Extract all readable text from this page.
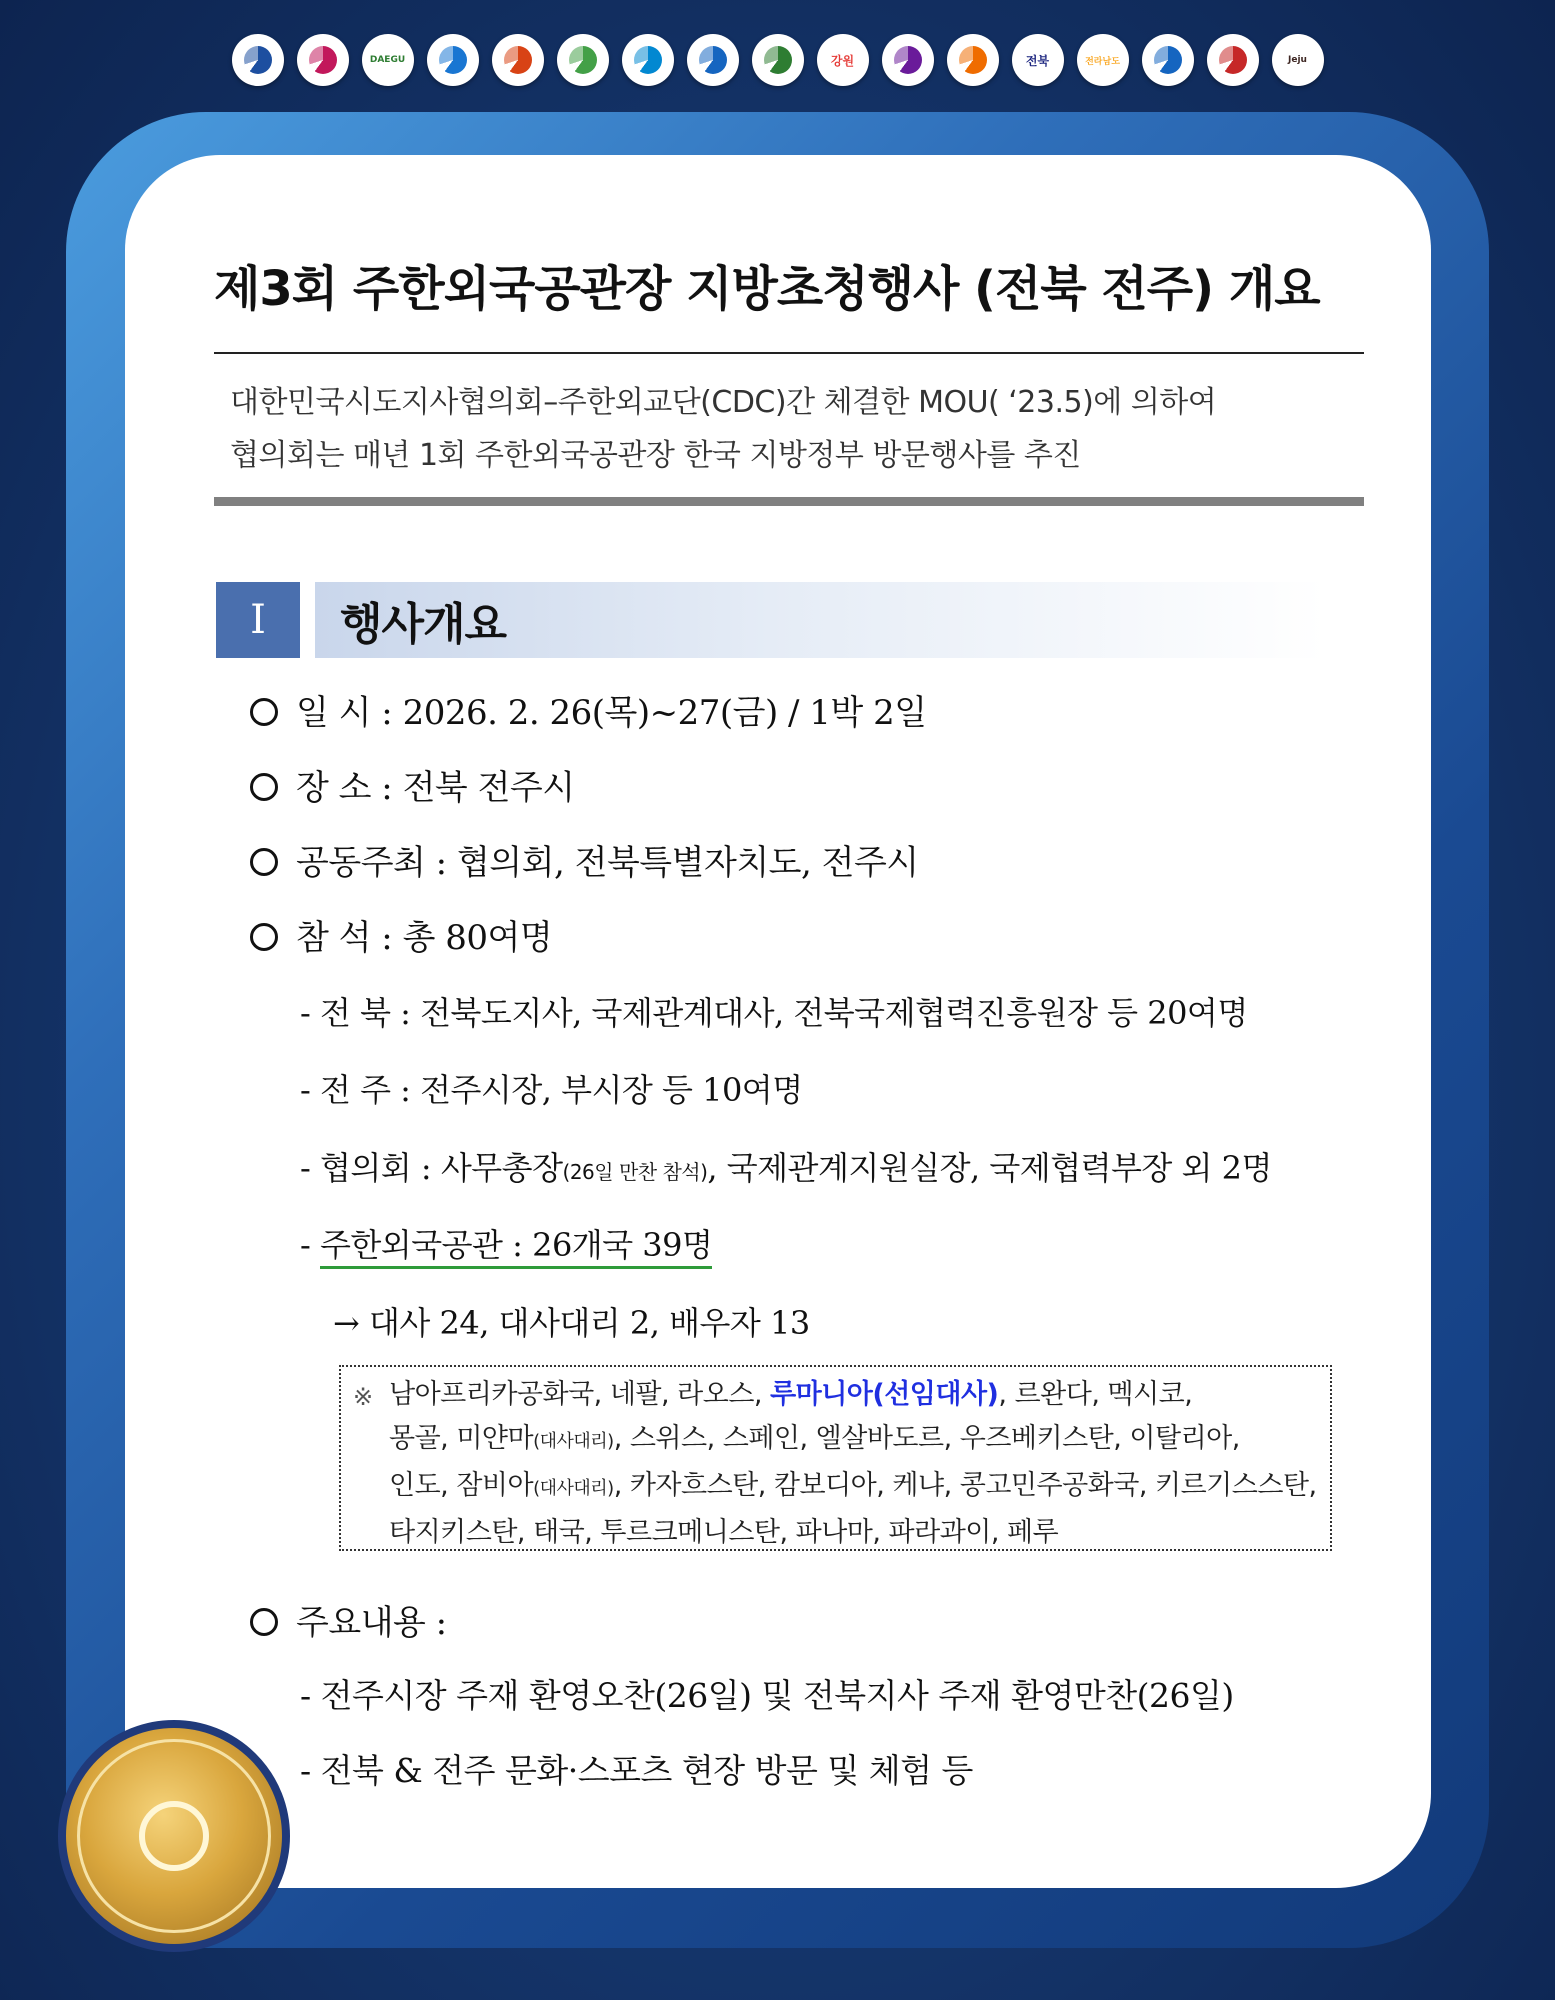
DAEGU	강원	전북	전라남도	Jeju
제3회 주한외국공관장 지방초청행사 (전북 전주) 개요
대한민국시도지사협의회–주한외교단(CDC)간 체결한 MOU( ‘23.5)에 의하여
협의회는 매년 1회 주한외국공관장 한국 지방정부 방문행사를 추진
I	행사개요
일 시 : 2026. 2. 26(목)~27(금) / 1박 2일
장 소 : 전북 전주시
공동주최 : 협의회, 전북특별자치도, 전주시
참 석 : 총 80여명
- 전 북 : 전북도지사, 국제관계대사, 전북국제협력진흥원장 등 20여명
- 전 주 : 전주시장, 부시장 등 10여명
- 협의회 : 사무총장(26일 만찬 참석), 국제관계지원실장, 국제협력부장 외 2명
- 주한외국공관 : 26개국 39명
→ 대사 24, 대사대리 2, 배우자 13
※ 남아프리카공화국, 네팔, 라오스, 루마니아(선임대사), 르완다, 멕시코,
몽골, 미얀마(대사대리), 스위스, 스페인, 엘살바도르, 우즈베키스탄, 이탈리아,
인도, 잠비아(대사대리), 카자흐스탄, 캄보디아, 케냐, 콩고민주공화국, 키르기스스탄,
타지키스탄, 태국, 투르크메니스탄, 파나마, 파라과이, 페루
주요내용 :
- 전주시장 주재 환영오찬(26일) 및 전북지사 주재 환영만찬(26일)
- 전북 & 전주 문화·스포츠 현장 방문 및 체험 등
